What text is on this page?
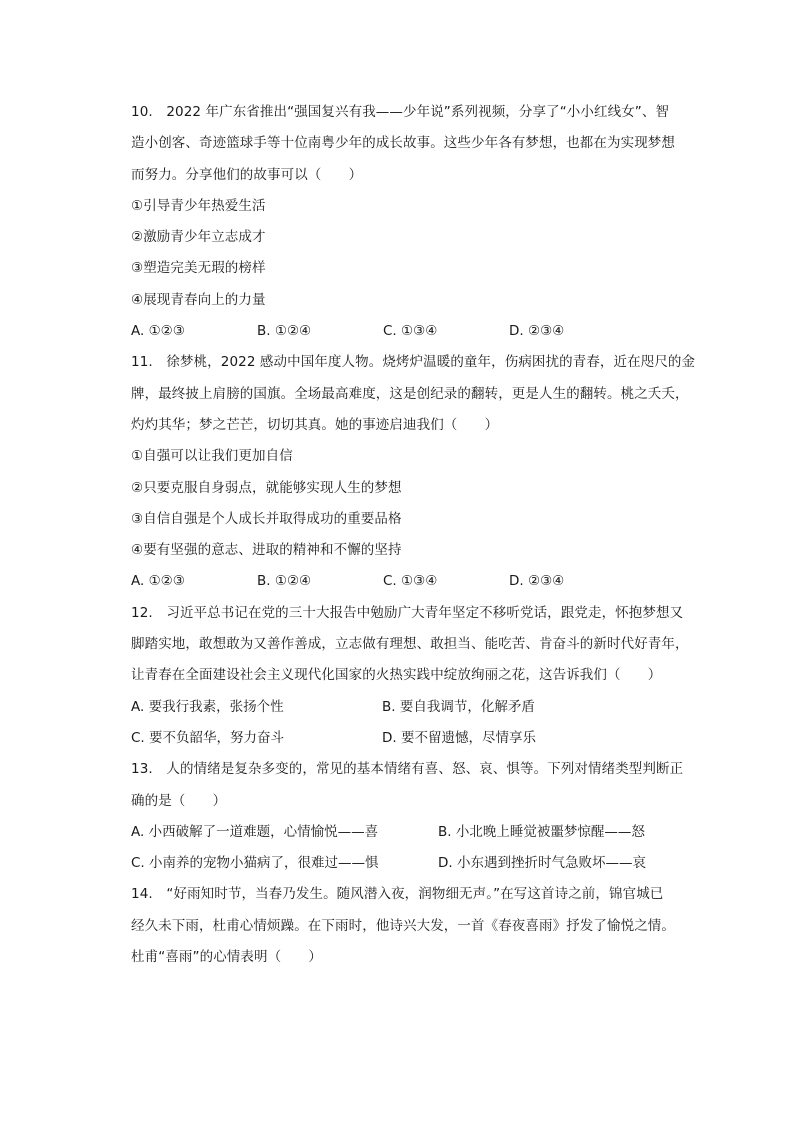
10.　2022 年广东省推出“强国复兴有我——少年说”系列视频，分享了“小小红线女”、智
造小创客、奇迹篮球手等十位南粤少年的成长故事。这些少年各有梦想，也都在为实现梦想
而努力。分享他们的故事可以（　　）
①引导青少年热爱生活
②激励青少年立志成才
③塑造完美无瑕的榜样
④展现青春向上的力量
A. ①②③	B. ①②④	C. ①③④	D. ②③④
11.　徐梦桃，2022 感动中国年度人物。烧烤炉温暖的童年，伤病困扰的青春，近在咫尺的金
牌，最终披上肩膀的国旗。全场最高难度，这是创纪录的翻转，更是人生的翻转。桃之夭夭，
灼灼其华；梦之芒芒，切切其真。她的事迹启迪我们（　　）
①自强可以让我们更加自信
②只要克服自身弱点，就能够实现人生的梦想
③自信自强是个人成长并取得成功的重要品格
④要有坚强的意志、进取的精神和不懈的坚持
A. ①②③	B. ①②④	C. ①③④	D. ②③④
12.　习近平总书记在党的三十大报告中勉励广大青年坚定不移听党话，跟党走，怀抱梦想又
脚踏实地，敢想敢为又善作善成，立志做有理想、敢担当、能吃苦、肯奋斗的新时代好青年，
让青春在全面建设社会主义现代化国家的火热实践中绽放绚丽之花，这告诉我们（　　）
A. 要我行我素，张扬个性	B. 要自我调节，化解矛盾
C. 要不负韶华，努力奋斗	D. 要不留遗憾，尽情享乐
13.　人的情绪是复杂多变的，常见的基本情绪有喜、怒、哀、惧等。下列对情绪类型判断正
确的是（　　）
A. 小西破解了一道难题，心情愉悦——喜	B. 小北晚上睡觉被噩梦惊醒——怒
C. 小南养的宠物小猫病了，很难过——惧	D. 小东遇到挫折时气急败坏——哀
14.　“好雨知时节，当春乃发生。随风潜入夜，润物细无声。”在写这首诗之前，锦官城已
经久未下雨，杜甫心情烦躁。在下雨时，他诗兴大发，一首《春夜喜雨》抒发了愉悦之情。
杜甫“喜雨”的心情表明（　　）
